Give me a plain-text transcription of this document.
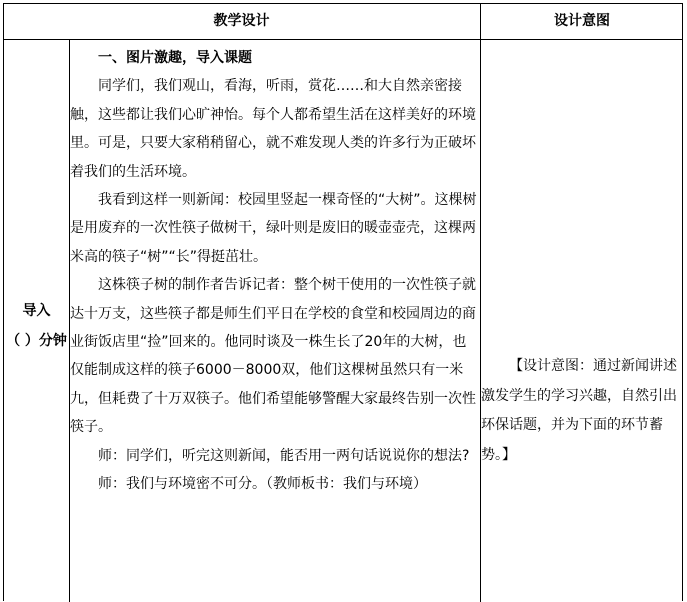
教学设计	设计意图
导入
（ ）分钟

一、图片激趣，导入课题

同学们，我们观山，看海，听雨，赏花……和大自然亲密接触，这些都让我们心旷神怡。每个人都希望生活在这样美好的环境里。可是，只要大家稍稍留心，就不难发现人类的许多行为正破坏着我们的生活环境。

我看到这样一则新闻：校园里竖起一棵奇怪的“大树”。这棵树是用废弃的一次性筷子做树干，绿叶则是废旧的暖壶壶壳，这棵两米高的筷子“树”“长”得挺茁壮。

这株筷子树的制作者告诉记者：整个树干使用的一次性筷子就达十万支，这些筷子都是师生们平日在学校的食堂和校园周边的商业街饭店里“捡”回来的。他同时谈及一株生长了20年的大树，也仅能制成这样的筷子6000－8000双，他们这棵树虽然只有一米九，但耗费了十万双筷子。他们希望能够警醒大家最终告别一次性筷子。

师：同学们，听完这则新闻，能否用一两句话说说你的想法?

师：我们与环境密不可分。（教师板书：我们与环境）

【设计意图：通过新闻讲述激发学生的学习兴趣，自然引出环保话题，并为下面的环节蓄势。】
